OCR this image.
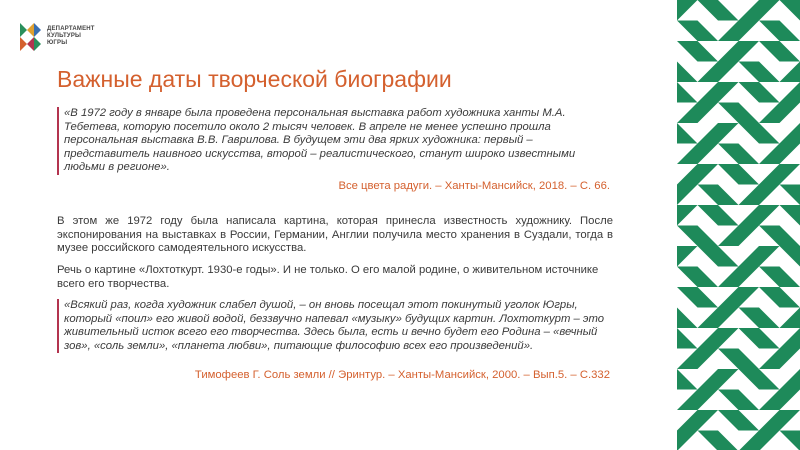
ДЕПАРТАМЕНТ
КУЛЬТУРЫ
ЮГРЫ
Важные даты творческой биографии
«В 1972 году в январе была проведена персональная выставка работ художника ханты М.А. Тебетева, которую посетило около 2 тысяч человек. В апреле не менее успешно прошла персональная выставка В.В. Гаврилова. В будущем эти два ярких художника: первый – представитель наивного искусства, второй – реалистического, станут широко известными людьми в регионе».
Все цвета радуги. – Ханты-Мансийск, 2018. – С. 66.
В этом же 1972 году была написала картина, которая принесла известность художнику. После экспонирования на выставках в России, Германии, Англии получила место хранения в Суздали, тогда в музее российского самодеятельного искусства.
Речь о картине «Лохтоткурт. 1930-е годы». И не только. О его малой родине, о живительном источнике всего его творчества.
«Всякий раз, когда художник слабел душой, – он вновь посещал этот покинутый уголок Югры, который «поил» его живой водой, беззвучно напевал «музыку» будущих картин. Лохтоткурт – это живительный исток всего его творчества. Здесь была, есть и вечно будет его Родина – «вечный зов», «соль земли», «планета любви», питающие философию всех его произведений».
Тимофеев Г. Соль земли // Эринтур. – Ханты-Мансийск, 2000. – Вып.5. – С.332
